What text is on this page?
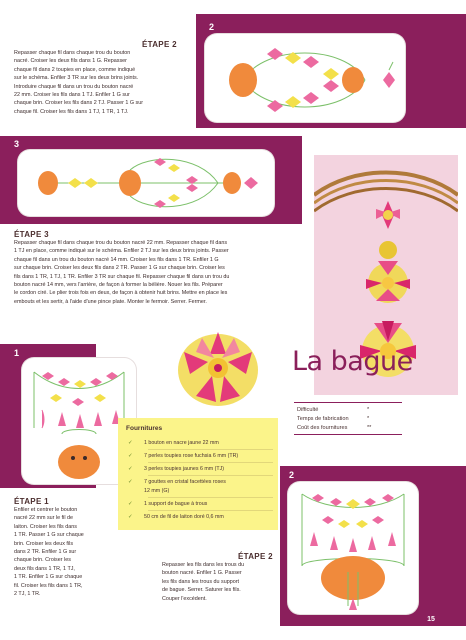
2
ÉTAPE 2
Repasser chaque fil dans chaque trou du bouton
nacré. Croiser les deux fils dans 1 G. Repasser
chaque fil dans 2 toupies en place, comme indiqué
sur le schéma. Enfiler 3 TR sur les deux brins joints.
Introduire chaque fil dans un trou du bouton nacré
22 mm. Croiser les fils dans 1 TJ. Enfiler 1 G sur
chaque brin. Croiser les fils dans 2 TJ. Passer 1 G sur
chaque fil. Croiser les fils dans 1 TJ, 1 TR, 1 TJ.
3
ÉTAPE 3
Repasser chaque fil dans chaque trou du bouton nacré 22 mm. Repasser chaque fil dans
1 TJ en place, comme indiqué sur le schéma. Enfiler 2 TJ sur les deux brins joints. Passer
chaque fil dans un trou du bouton nacré 14 mm. Croiser les fils dans 1 TR. Enfiler 1 G
sur chaque brin. Croiser les deux fils dans 2 TR. Passer 1 G sur chaque brin. Croiser les
fils dans 1 TR, 1 TJ, 1 TR. Enfiler 3 TR sur chaque fil. Repasser chaque fil dans un trou du
bouton nacré 14 mm, vers l'arrière, de façon à former la bélière. Nouer les fils. Préparer
le cordon ciré. Le plier trois fois en deux, de façon à obtenir huit brins. Mettre en place les
embouts et les sertir, à l'aide d'une pince plate. Monter le fermoir. Serrer. Fermer.
1	La bague
Difficulté	*
Temps de fabrication	*
Coût des fournitures	**
Fournitures
✓ 1 bouton en nacre jaune 22 mm
✓ 7 perles toupies rose fuchsia 6 mm (TR)
✓ 3 perles toupies jaunes 6 mm (TJ)
✓ 7 gouttes en cristal facettées roses
12 mm (G)
✓ 1 support de bague à trous
✓ 50 cm de fil de laiton doré 0,6 mm
ÉTAPE 1
Enfiler et centrer le bouton
nacré 22 mm sur le fil de
laiton. Croiser les fils dans
1 TR. Passer 1 G sur chaque
brin. Croiser les deux fils
dans 2 TR. Enfiler 1 G sur
chaque brin. Croiser les
deux fils dans 1 TR, 1 TJ,
1 TR. Enfiler 1 G sur chaque
fil. Croiser les fils dans 1 TR,
2 TJ, 1 TR.
2
ÉTAPE 2
Repasser les fils dans les trous du
bouton nacré. Enfiler 1 G. Passer
les fils dans les trous du support
de bague. Serrer. Saturer les fils.
Couper l'excédent.
15
